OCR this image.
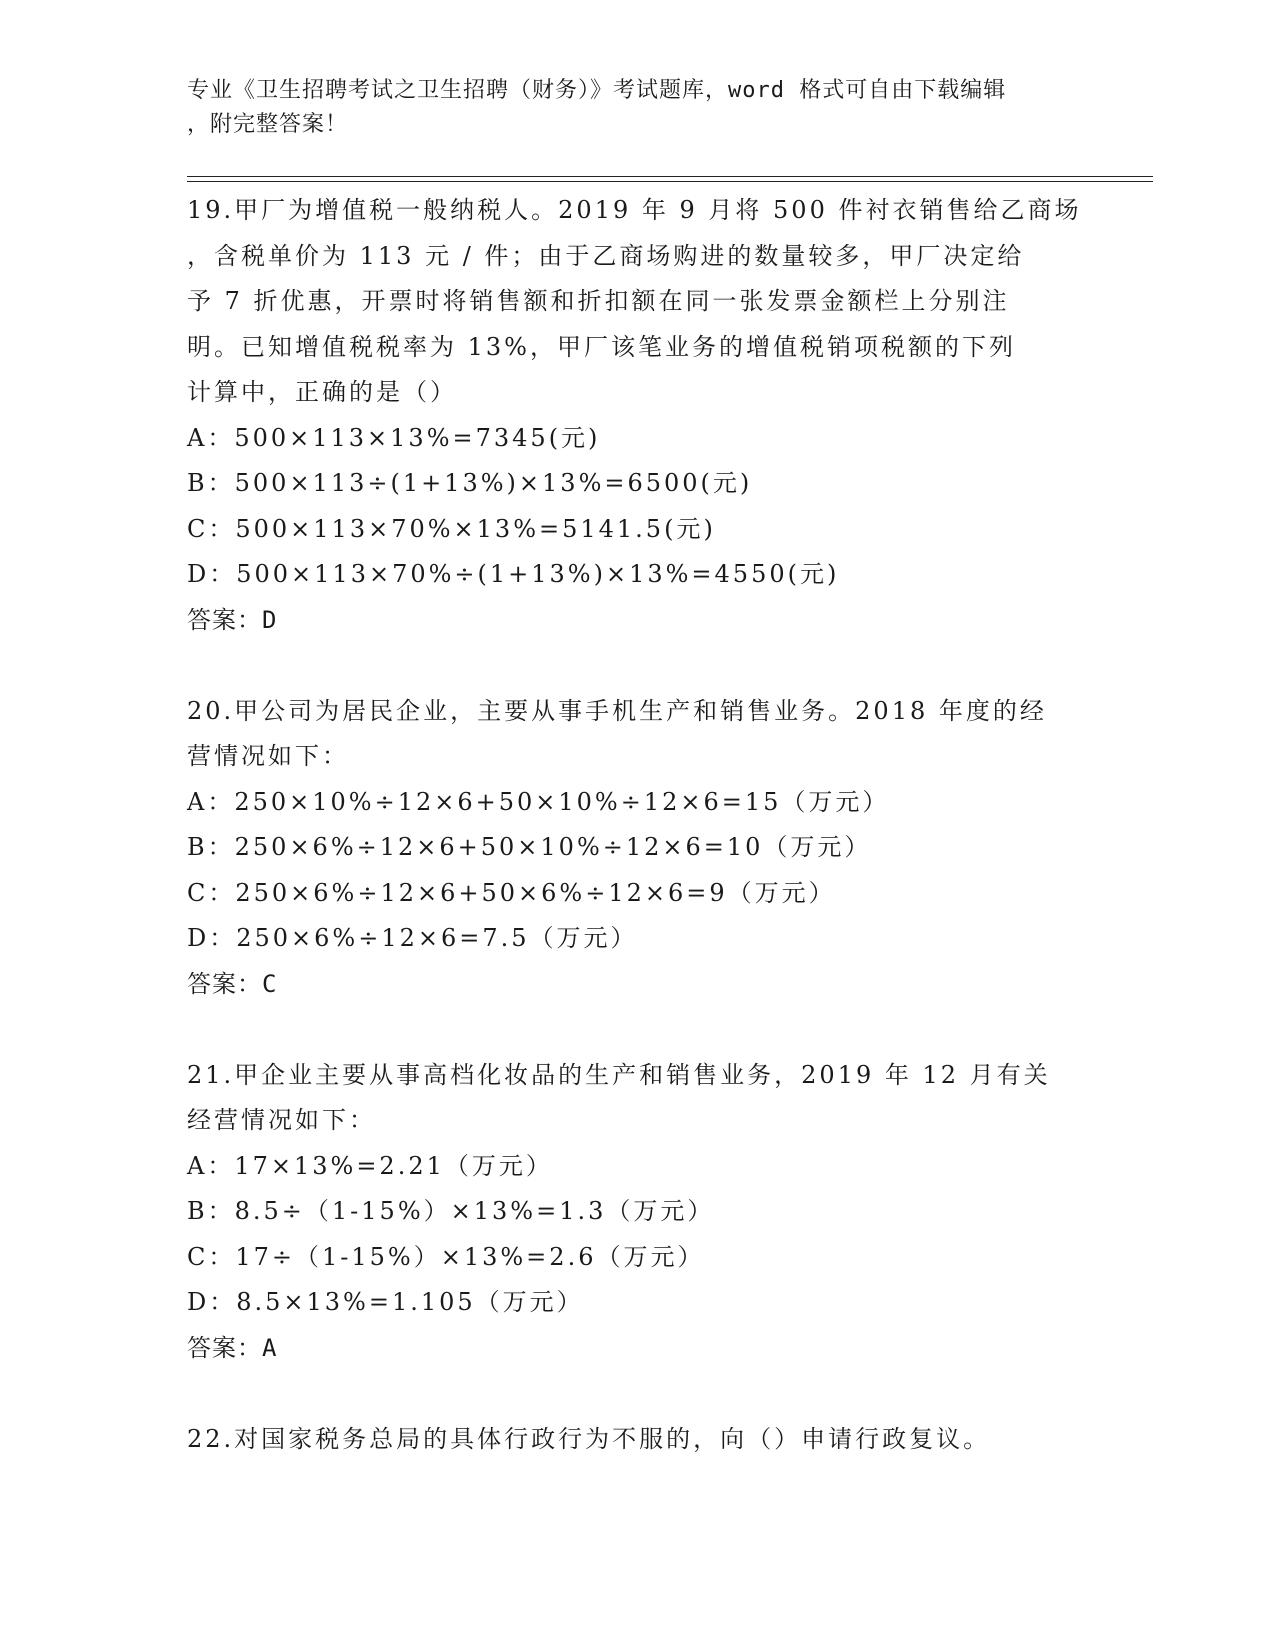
专业《卫生招聘考试之卫生招聘（财务）》考试题库，word 格式可自由下载编辑
，附完整答案！
19.甲厂为增值税一般纳税人。2019 年 9 月将 500 件衬衣销售给乙商场
，含税单价为 113 元 / 件；由于乙商场购进的数量较多，甲厂决定给
予 7 折优惠，开票时将销售额和折扣额在同一张发票金额栏上分别注
明。已知增值税税率为 13%，甲厂该笔业务的增值税销项税额的下列
计算中，正确的是（）
A：500×113×13%=7345(元)
B：500×113÷(1+13%)×13%=6500(元)
C：500×113×70%×13%=5141.5(元)
D：500×113×70%÷(1+13%)×13%=4550(元)
答案：D
20.甲公司为居民企业，主要从事手机生产和销售业务。2018 年度的经
营情况如下：
A：250×10%÷12×6+50×10%÷12×6=15（万元）
B：250×6%÷12×6+50×10%÷12×6=10（万元）
C：250×6%÷12×6+50×6%÷12×6=9（万元）
D：250×6%÷12×6=7.5（万元）
答案：C
21.甲企业主要从事高档化妆品的生产和销售业务，2019 年 12 月有关
经营情况如下：
A：17×13%=2.21（万元）
B：8.5÷（1-15%）×13%=1.3（万元）
C：17÷（1-15%）×13%=2.6（万元）
D：8.5×13%=1.105（万元）
答案：A
22.对国家税务总局的具体行政行为不服的，向（）申请行政复议。
